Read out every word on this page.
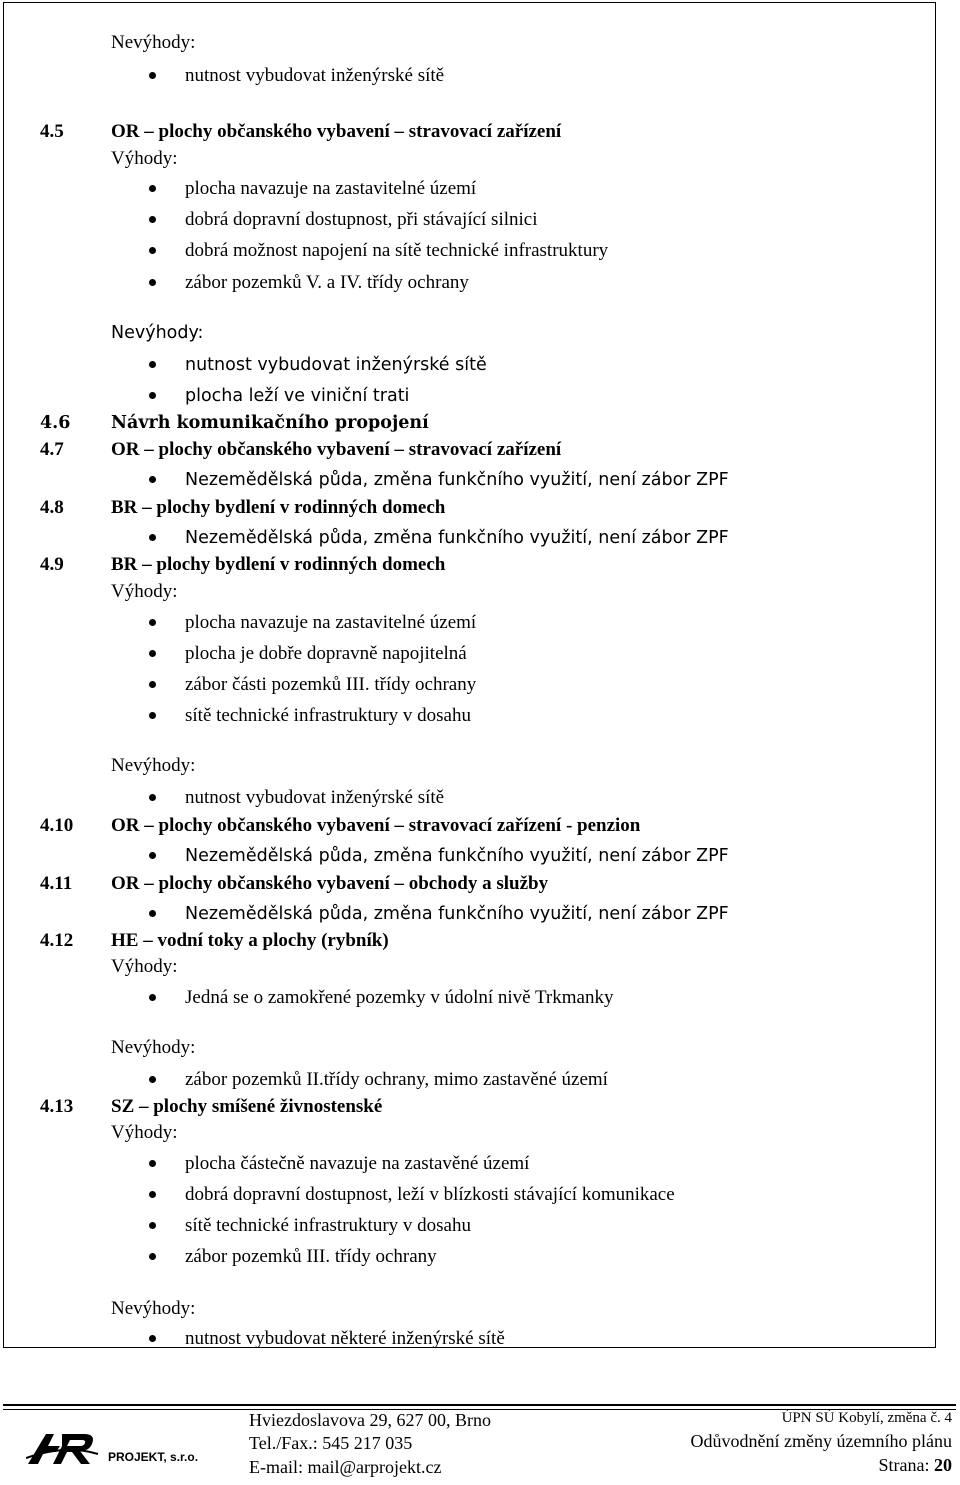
Nevýhody:
nutnost vybudovat inženýrské sítě
4.5 OR – plochy občanského vybavení – stravovací zařízení
Výhody:
plocha navazuje na zastavitelné území
dobrá dopravní dostupnost, při stávající silnici
dobrá možnost napojení na sítě technické infrastruktury
zábor pozemků V. a IV. třídy ochrany
Nevýhody:
nutnost vybudovat inženýrské sítě
plocha leží ve viniční trati
4.6 Návrh komunikačního propojení
4.7 OR – plochy občanského vybavení – stravovací zařízení
Nezemědělská půda, změna funkčního využití, není zábor ZPF
4.8 BR – plochy bydlení v rodinných domech
Nezemědělská půda, změna funkčního využití, není zábor ZPF
4.9 BR – plochy bydlení v rodinných domech
Výhody:
plocha navazuje na zastavitelné území
plocha je dobře dopravně napojitelná
zábor části pozemků III. třídy ochrany
sítě technické infrastruktury v dosahu
Nevýhody:
nutnost vybudovat inženýrské sítě
4.10 OR – plochy občanského vybavení – stravovací zařízení - penzion
Nezemědělská půda, změna funkčního využití, není zábor ZPF
4.11 OR – plochy občanského vybavení – obchody a služby
Nezemědělská půda, změna funkčního využití, není zábor ZPF
4.12 HE – vodní toky a plochy (rybník)
Výhody:
Jedná se o zamokřené pozemky v údolní nivě Trkmanky
Nevýhody:
zábor pozemků II.třídy ochrany, mimo zastavěné území
4.13 SZ – plochy smíšené živnostenské
Výhody:
plocha částečně navazuje na zastavěné území
dobrá dopravní dostupnost, leží v blízkosti stávající komunikace
sítě technické infrastruktury v dosahu
zábor pozemků III. třídy ochrany
Nevýhody:
nutnost vybudovat některé inženýrské sítě
PROJEKT, s.r.o.
Hviezdoslavova 29, 627 00, Brno
Tel./Fax.: 545 217 035
E-mail: mail@arprojekt.cz
ÚPN SÚ Kobylí, změna č. 4
Odůvodnění změny územního plánu
Strana: 20
